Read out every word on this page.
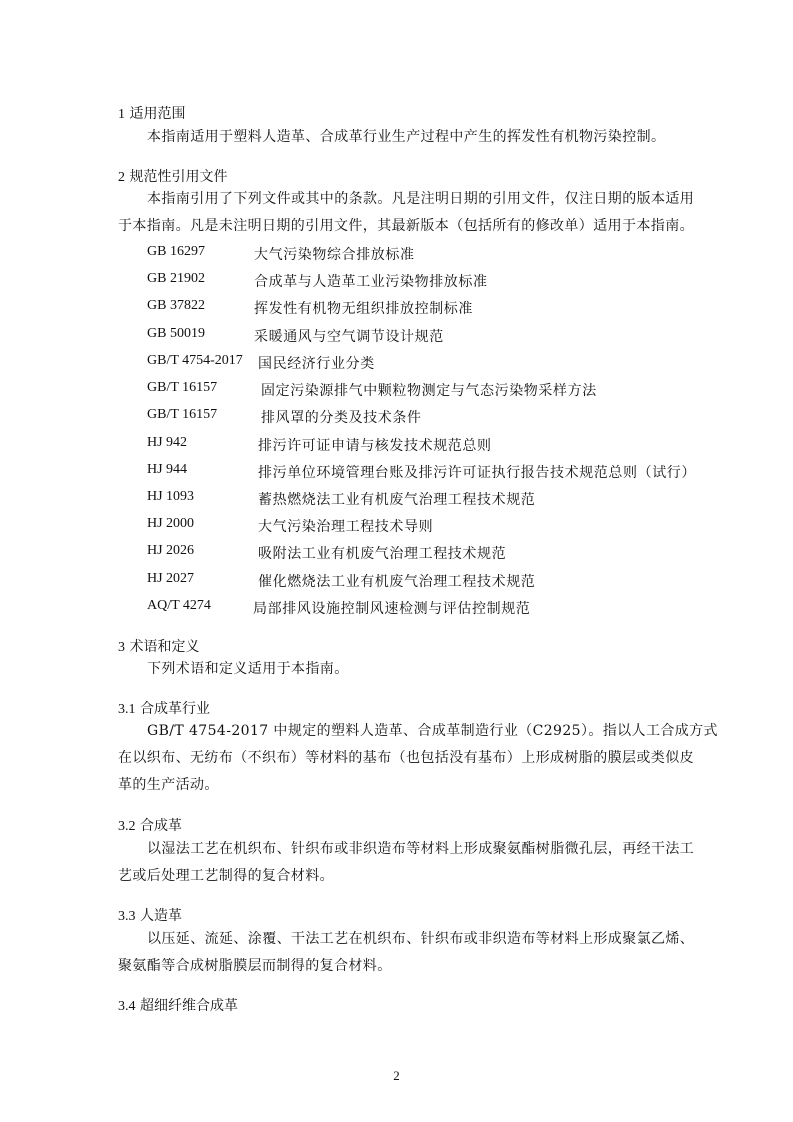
1 适用范围
本指南适用于塑料人造革、合成革行业生产过程中产生的挥发性有机物污染控制。
2 规范性引用文件
本指南引用了下列文件或其中的条款。凡是注明日期的引用文件，仅注日期的版本适用
于本指南。凡是未注明日期的引用文件，其最新版本（包括所有的修改单）适用于本指南。
GB 16297	大气污染物综合排放标准
GB 21902	合成革与人造革工业污染物排放标准
GB 37822	挥发性有机物无组织排放控制标准
GB 50019	采暖通风与空气调节设计规范
GB/T 4754-2017 国民经济行业分类
GB/T 16157	固定污染源排气中颗粒物测定与气态污染物采样方法
GB/T 16157	排风罩的分类及技术条件
HJ 942	排污许可证申请与核发技术规范总则
HJ 944	排污单位环境管理台账及排污许可证执行报告技术规范总则（试行）
HJ 1093	蓄热燃烧法工业有机废气治理工程技术规范
HJ 2000	大气污染治理工程技术导则
HJ 2026	吸附法工业有机废气治理工程技术规范
HJ 2027	催化燃烧法工业有机废气治理工程技术规范
AQ/T 4274	局部排风设施控制风速检测与评估控制规范
3 术语和定义
下列术语和定义适用于本指南。
3.1 合成革行业
GB/T 4754-2017 中规定的塑料人造革、合成革制造行业（C2925）。指以人工合成方式
在以织布、无纺布（不织布）等材料的基布（也包括没有基布）上形成树脂的膜层或类似皮
革的生产活动。
3.2 合成革
以湿法工艺在机织布、针织布或非织造布等材料上形成聚氨酯树脂微孔层，再经干法工
艺或后处理工艺制得的复合材料。
3.3 人造革
以压延、流延、涂覆、干法工艺在机织布、针织布或非织造布等材料上形成聚氯乙烯、
聚氨酯等合成树脂膜层而制得的复合材料。
3.4 超细纤维合成革
2
